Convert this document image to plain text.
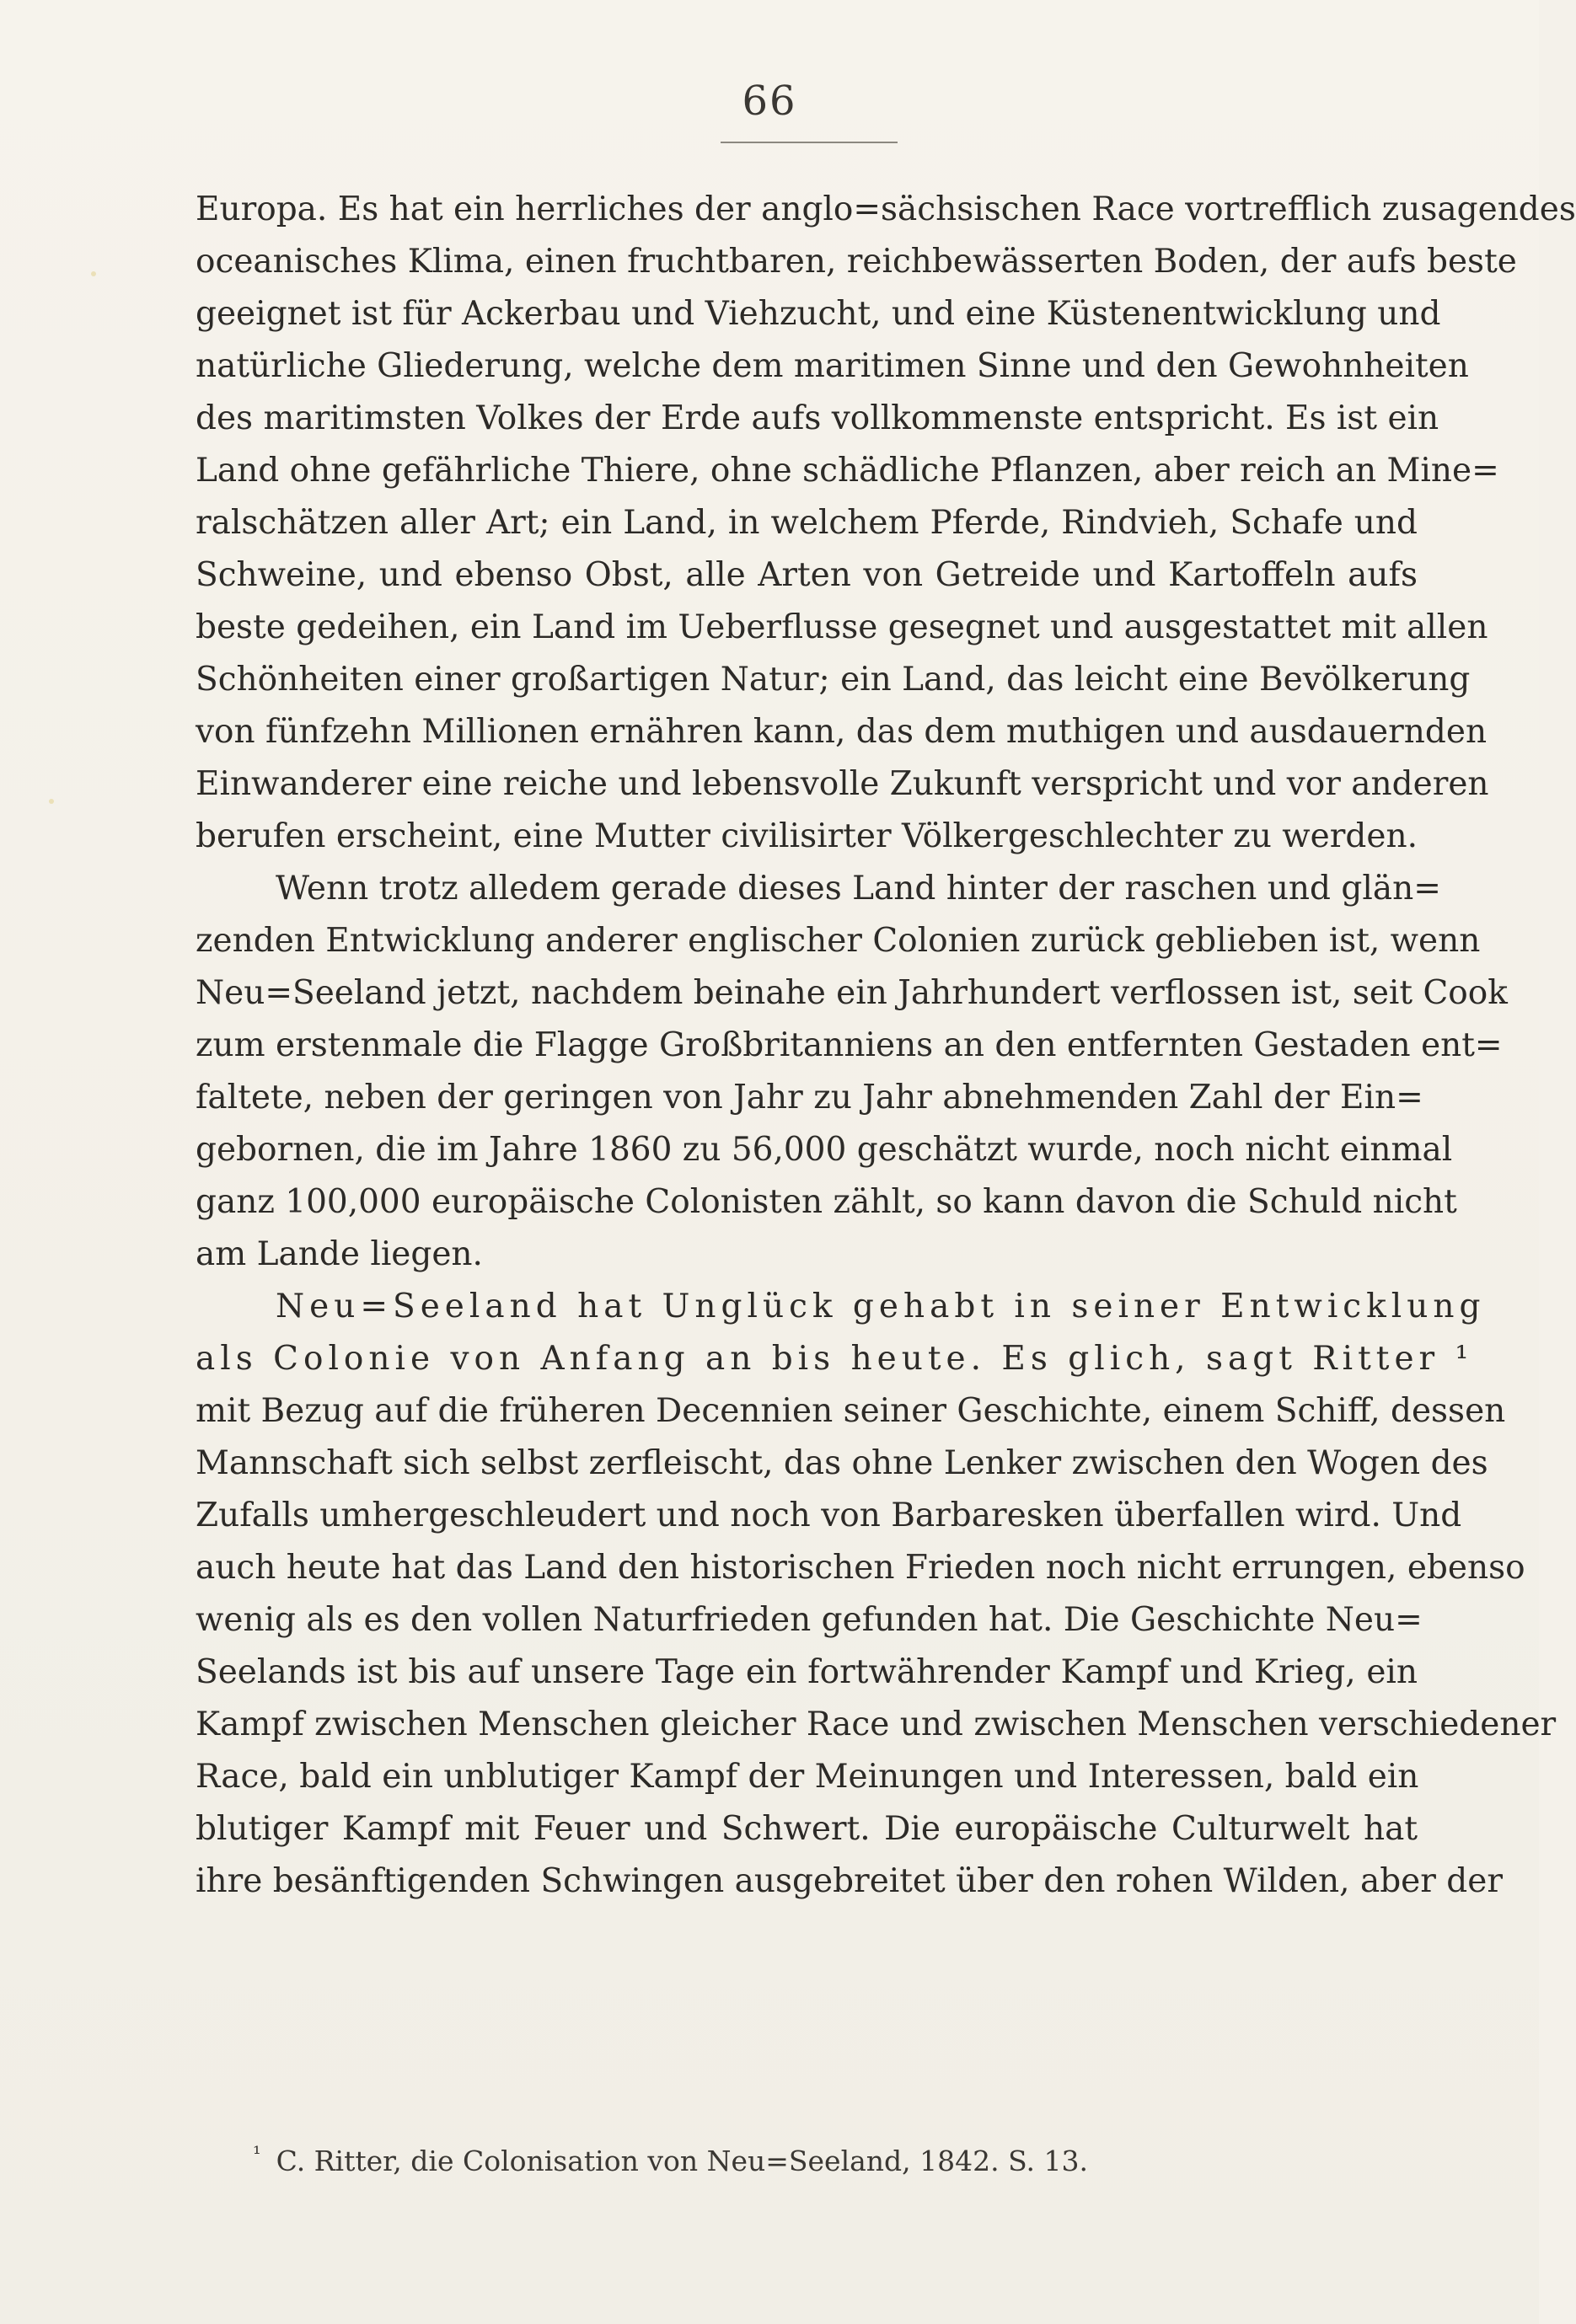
66

Europa. Es hat ein herrliches der anglo=sächsischen Race vortrefflich zusagendes
oceanisches Klima, einen fruchtbaren, reichbewässerten Boden, der aufs beste
geeignet ist für Ackerbau und Viehzucht, und eine Küstenentwicklung und
natürliche Gliederung, welche dem maritimen Sinne und den Gewohnheiten
des maritimsten Volkes der Erde aufs vollkommenste entspricht. Es ist ein
Land ohne gefährliche Thiere, ohne schädliche Pflanzen, aber reich an Mine=
ralschätzen aller Art; ein Land, in welchem Pferde, Rindvieh, Schafe und
Schweine, und ebenso Obst, alle Arten von Getreide und Kartoffeln aufs
beste gedeihen, ein Land im Ueberflusse gesegnet und ausgestattet mit allen
Schönheiten einer großartigen Natur; ein Land, das leicht eine Bevölkerung
von fünfzehn Millionen ernähren kann, das dem muthigen und ausdauernden
Einwanderer eine reiche und lebensvolle Zukunft verspricht und vor anderen
berufen erscheint, eine Mutter civilisirter Völkergeschlechter zu werden.

Wenn trotz alledem gerade dieses Land hinter der raschen und glän=
zenden Entwicklung anderer englischer Colonien zurück geblieben ist, wenn
Neu=Seeland jetzt, nachdem beinahe ein Jahrhundert verflossen ist, seit Cook
zum erstenmale die Flagge Großbritanniens an den entfernten Gestaden ent=
faltete, neben der geringen von Jahr zu Jahr abnehmenden Zahl der Ein=
gebornen, die im Jahre 1860 zu 56,000 geschätzt wurde, noch nicht einmal
ganz 100,000 europäische Colonisten zählt, so kann davon die Schuld nicht
am Lande liegen.

Neu=Seeland hat Unglück gehabt in seiner Entwicklung
als Colonie von Anfang an bis heute. Es glich, sagt Ritter ¹
mit Bezug auf die früheren Decennien seiner Geschichte, einem Schiff, dessen
Mannschaft sich selbst zerfleischt, das ohne Lenker zwischen den Wogen des
Zufalls umhergeschleudert und noch von Barbaresken überfallen wird. Und
auch heute hat das Land den historischen Frieden noch nicht errungen, ebenso
wenig als es den vollen Naturfrieden gefunden hat. Die Geschichte Neu=
Seelands ist bis auf unsere Tage ein fortwährender Kampf und Krieg, ein
Kampf zwischen Menschen gleicher Race und zwischen Menschen verschiedener
Race, bald ein unblutiger Kampf der Meinungen und Interessen, bald ein
blutiger Kampf mit Feuer und Schwert. Die europäische Culturwelt hat
ihre besänftigenden Schwingen ausgebreitet über den rohen Wilden, aber der

$^{^1}$ C. Ritter, die Colonisation von Neu=Seeland, 1842. S. 13.
